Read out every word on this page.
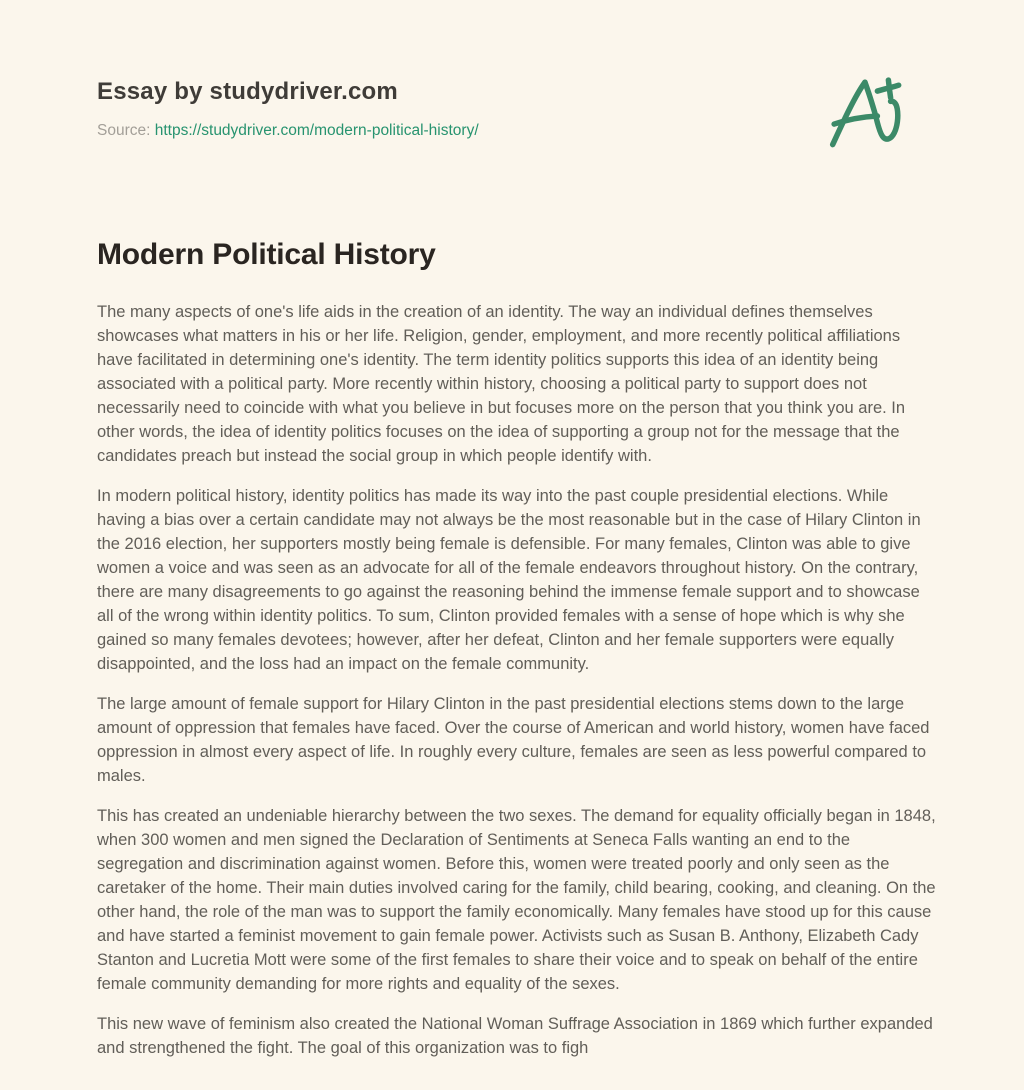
Essay by studydriver.com
Source: https://studydriver.com/modern-political-history/
Modern Political History

The many aspects of one's life aids in the creation of an identity. The way an individual defines themselves showcases what matters in his or her life. Religion, gender, employment, and more recently political affiliations have facilitated in determining one's identity. The term identity politics supports this idea of an identity being associated with a political party. More recently within history, choosing a political party to support does not necessarily need to coincide with what you believe in but focuses more on the person that you think you are. In other words, the idea of identity politics focuses on the idea of supporting a group not for the message that the candidates preach but instead the social group in which people identify with.

In modern political history, identity politics has made its way into the past couple presidential elections. While having a bias over a certain candidate may not always be the most reasonable but in the case of Hilary Clinton in the 2016 election, her supporters mostly being female is defensible. For many females, Clinton was able to give women a voice and was seen as an advocate for all of the female endeavors throughout history. On the contrary, there are many disagreements to go against the reasoning behind the immense female support and to showcase all of the wrong within identity politics. To sum, Clinton provided females with a sense of hope which is why she gained so many females devotees; however, after her defeat, Clinton and her female supporters were equally disappointed, and the loss had an impact on the female community.

The large amount of female support for Hilary Clinton in the past presidential elections stems down to the large amount of oppression that females have faced. Over the course of American and world history, women have faced oppression in almost every aspect of life. In roughly every culture, females are seen as less powerful compared to males.

This has created an undeniable hierarchy between the two sexes. The demand for equality officially began in 1848, when 300 women and men signed the Declaration of Sentiments at Seneca Falls wanting an end to the segregation and discrimination against women. Before this, women were treated poorly and only seen as the caretaker of the home. Their main duties involved caring for the family, child bearing, cooking, and cleaning. On the other hand, the role of the man was to support the family economically. Many females have stood up for this cause and have started a feminist movement to gain female power. Activists such as Susan B. Anthony, Elizabeth Cady Stanton and Lucretia Mott were some of the first females to share their voice and to speak on behalf of the entire female community demanding for more rights and equality of the sexes.

This new wave of feminism also created the National Woman Suffrage Association in 1869 which further expanded and strengthened the fight. The goal of this organization was to figh
